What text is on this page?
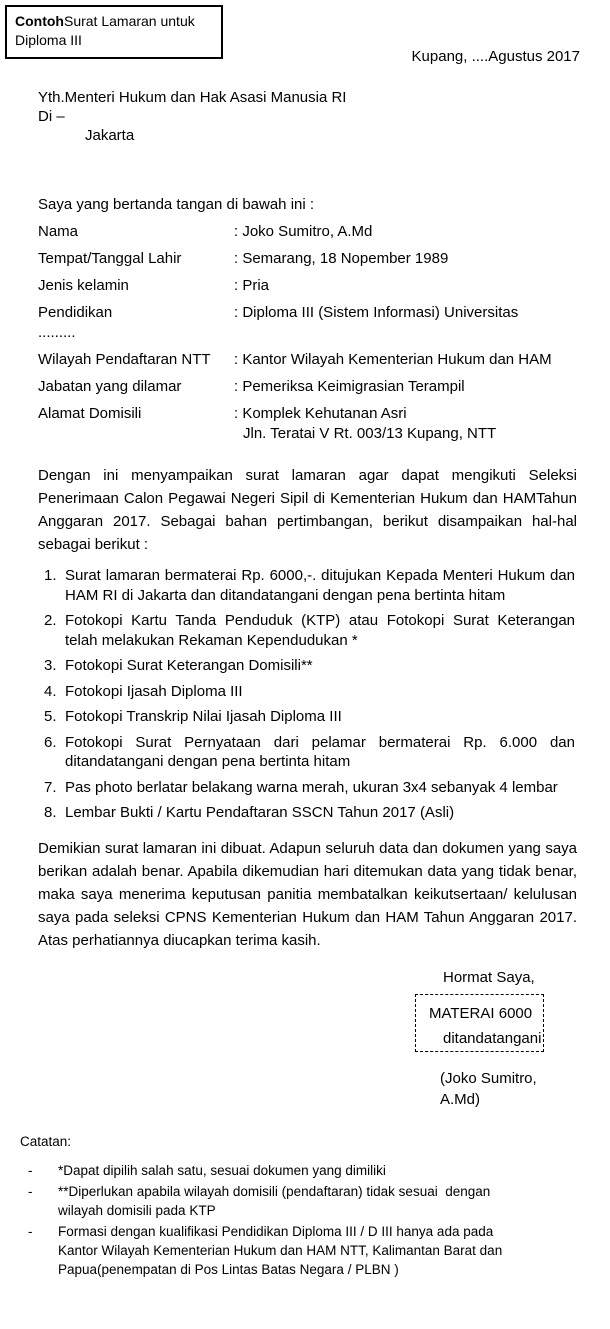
ContohSurat Lamaran untuk
Diploma III
Kupang, ....Agustus 2017
Yth.Menteri Hukum dan Hak Asasi Manusia RI
Di –
Jakarta
Saya yang bertanda tangan di bawah ini :
Nama	: Joko Sumitro, A.Md
Tempat/Tanggal Lahir	: Semarang, 18 Nopember 1989
Jenis kelamin	: Pria
Pendidikan	: Diploma III (Sistem Informasi) Universitas
.........
Wilayah Pendaftaran NTT	: Kantor Wilayah Kementerian Hukum dan HAM
Jabatan yang dilamar	: Pemeriksa Keimigrasian Terampil
Alamat Domisili	: Komplek Kehutanan Asri
Jln. Teratai V Rt. 003/13 Kupang, NTT
Dengan ini menyampaikan surat lamaran agar dapat mengikuti Seleksi Penerimaan Calon Pegawai Negeri Sipil di Kementerian Hukum dan HAMTahun Anggaran 2017. Sebagai bahan pertimbangan, berikut disampaikan hal-hal sebagai berikut :
1. Surat lamaran bermaterai Rp. 6000,-. ditujukan Kepada Menteri Hukum dan HAM RI di Jakarta dan ditandatangani dengan pena bertinta hitam
2. Fotokopi Kartu Tanda Penduduk (KTP) atau Fotokopi Surat Keterangan telah melakukan Rekaman Kependudukan *
3. Fotokopi Surat Keterangan Domisili**
4. Fotokopi Ijasah Diploma III
5. Fotokopi Transkrip Nilai Ijasah Diploma III
6. Fotokopi Surat Pernyataan dari pelamar bermaterai Rp. 6.000 dan ditandatangani dengan pena bertinta hitam
7. Pas photo berlatar belakang warna merah, ukuran 3x4 sebanyak 4 lembar
8. Lembar Bukti / Kartu Pendaftaran SSCN Tahun 2017 (Asli)
Demikian surat lamaran ini dibuat. Adapun seluruh data dan dokumen yang saya berikan adalah benar. Apabila dikemudian hari ditemukan data yang tidak benar, maka saya menerima keputusan panitia membatalkan keikutsertaan/ kelulusan saya pada seleksi CPNS Kementerian Hukum dan HAM Tahun Anggaran 2017. Atas perhatiannya diucapkan terima kasih.
Hormat Saya,
MATERAI 6000
ditandatangani
(Joko Sumitro,
A.Md)
Catatan:
-	*Dapat dipilih salah satu, sesuai dokumen yang dimiliki
-	**Diperlukan apabila wilayah domisili (pendaftaran) tidak sesuai  dengan wilayah domisili pada KTP
-	Formasi dengan kualifikasi Pendidikan Diploma III / D III hanya ada pada Kantor Wilayah Kementerian Hukum dan HAM NTT, Kalimantan Barat dan Papua(penempatan di Pos Lintas Batas Negara / PLBN )
